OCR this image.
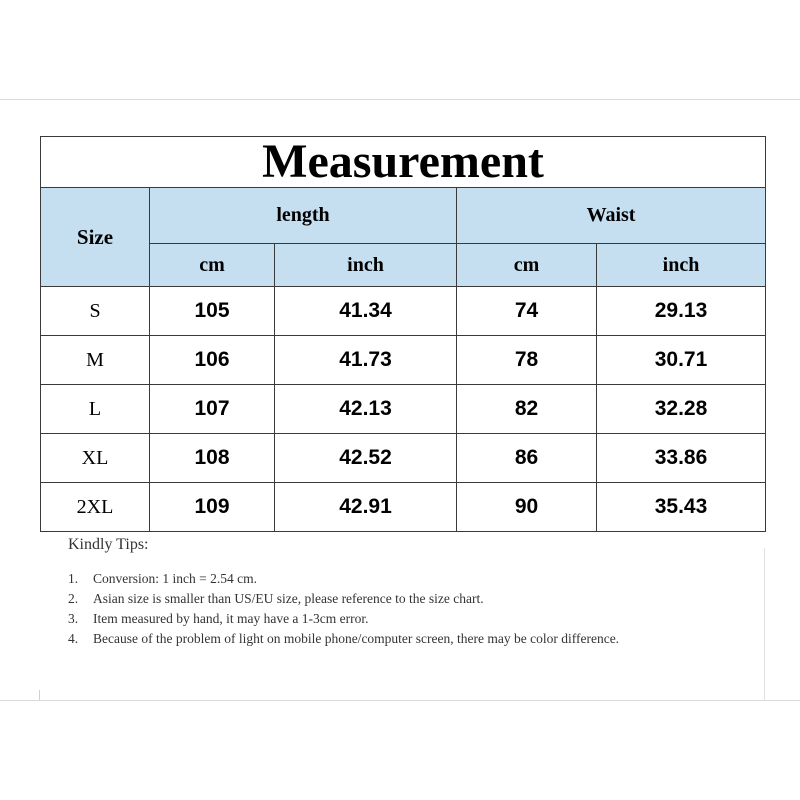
Measurement				
Size	length		Waist	
	cm	inch	cm	inch
S	105	41.34	74	29.13
M	106	41.73	78	30.71
L	107	42.13	82	32.28
XL	108	42.52	86	33.86
2XL	109	42.91	90	35.43
Kindly Tips:
1. Conversion: 1 inch = 2.54 cm.
2. Asian size is smaller than US/EU size, please reference to the size chart.
3. Item measured by hand, it may have a 1-3cm error.
4. Because of the problem of light on mobile phone/computer screen, there may be color difference.
